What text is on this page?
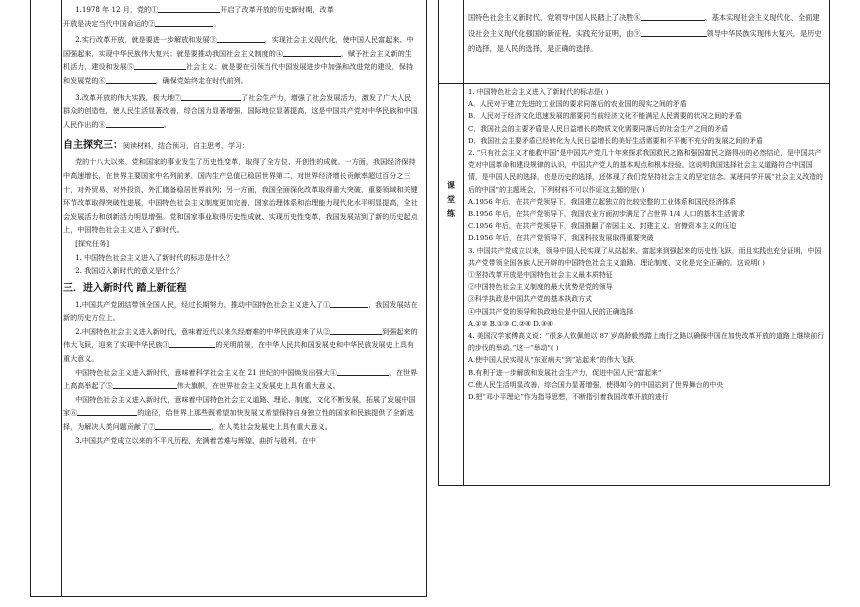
1.1978 年 12 月，党的①	开启了改革开放的历史新时期，改革
开放是决定当代中国命运的②	。

2.实行改革开放，就是要进一步解放和发展③	，实现社会主义现代化，使中国人民富起来、中国强起来，实现中华民族伟大复兴；就是要推动我国社会主义制度的④	，赋予社会主义新的生机活力，建设和发展⑤	社会主义；就是要在引领当代中国发展进步中加强和改进党的建设，保持和发展党的⑥	，确保党始终走在时代前列。

3.改革开放的伟大实践，极大地⑦	了社会生产力，增强了社会发展活力，激发了广大人民群众的创造性，使人民生活显著改善，综合国力显著增强，国际地位显著提高，这是中国共产党对中华民族和中国人民作出的⑧	。

自主探究三：阅读材料，结合预习，自主思考、学习：

党的十八大以来，党和国家的事业发生了历史性变革，取得了全方位、开创性的成就。一方面，我国经济保持中高速增长，在世界主要国家中名列前茅，国内生产总值已稳居世界第二，对世界经济增长贡献率超过百分之三十，对外贸易、对外投资、外汇储备稳居世界前列；另一方面，我国全面深化改革取得重大突破，重要领域和关键环节改革取得突破性进展，中国特色社会主义制度更加完善，国家治理体系和治理能力现代化水平明显提高，全社会发展活力和创新活力明显增强。党和国家事业取得历史性成就、实现历史性变革，我国发展站到了新的历史起点上，中国特色社会主义进入了新时代。

[探究任务]

1. 中国特色社会主义进入了新时代的标志是什么？

2. 我国迈入新时代的意义是什么？

三．进入新时代 踏上新征程

1.中国共产党团结带领全国人民，经过长期努力，推动中国特色社会主义进入了①	，我国发展站在新的历史方位上。

2.中国特色社会主义进入新时代，意味着近代以来久经磨难的中华民族迎来了从②	到强起来的伟大飞跃，迎来了实现中华民族③	的光明前景，在中华人民共和国发展史和中华民族发展史上具有重大意义。

中国特色社会主义进入新时代，意味着科学社会主义在 21 世纪的中国焕发出强大④	，在世界上高高举起了⑤	伟大旗帜，在世界社会主义发展史上具有重大意义。

中国特色社会主义进入新时代，意味着中国特色社会主义道路、理论、制度、文化不断发展，拓展了发展中国家⑥	的途径，给世界上那些既希望加快发展又希望保持自身独立性的国家和民族提供了全新选择，为解决人类问题贡献了⑦	，在人类社会发展史上具有重大意义。

3.中国共产党成立以来的不平凡历程，充满着苦难与辉煌、曲折与胜利。在中

课
堂
练

国特色社会主义新时代，党领导中国人民踏上了决胜⑧	、基本实现社会主义现代化、全面建设社会主义现代化强国的新征程。实践充分证明，由⑨	领导中华民族实现伟大复兴，是历史的选择，是人民的选择，是正确的选择。

1. 中国特色社会主义进入了新时代的标志是( )

A．人民对于建立先进的工业国的要求同落后的农业国的现实之间的矛盾

B．人民对于经济文化迅速发展的需要同当前经济文化不能满足人民需要的状况之间的矛盾

C．我国社会的主要矛盾是人民日益增长的物质文化需要同落后的社会生产之间的矛盾

D．我国社会主要矛盾已经转化为人民日益增长的美好生活需要和不平衡不充分的发展之间的矛盾

2. “只有社会主义才能救中国”是中国共产党几十年来探求我国救民之路和强国富民之路得出的必然结论，是中国共产党对中国革命和建设规律的认识，中国共产党人的基本观点和根本经验。这说明我国选择社会主义道路符合中国国情，是中国人民的选择，也是历史的选择，还体现了我们党坚持社会主义的坚定信念。某班同学开展“社会主义改造的后的中国”的主题班会，下列材料不可以作证这主题的是( )

A.1956 年后，在共产党领导下，我国建立起独立的比较完整的工业体系和国民经济体系

B.1956 年后，在共产党领导下，我国农业方面初步满足了占世界 1/4 人口的基本生活需求

C.1956 年后，在共产党领导下，我国推翻了帝国主义、封建主义、官僚资本主义的压迫

D.1956 年后，在共产党领导下，我国科技发展取得重要突破

3. 中国共产党成立以来，领导中国人民实现了从站起来、富起来到强起来的历史性飞跃，而且实践也充分证明，中国共产党带领全国各族人民开辟的中国特色社会主义道路、理论制度、文化是完全正确的。这说明( )

①坚持改革开放是中国特色社会主义最本质特征

②中国特色社会主义制度的最大优势是党的领导

③科学执政是中国共产党的基本执政方式

④中国共产党的领导和执政地位是中国人民的正确选择

A.①② B.①③ C.②④ D.③④

4. 美国汉学家傅高义说：“很多人钦佩他以 87 岁高龄毅然踏上南行之路以确保中国在加快改革开放的道路上继续前行的步伐的举动。”这一“举动”( )

A.使中国人民实现从“东亚病夫”到“站起来”的伟大飞跃

B.有利于进一步解放和发展社会生产力，促进中国人民“富起来”

C.使人民生活明显改善，综合国力显著增强，使得如今的中国站到了世界舞台的中央

D.把“邓小平理论”作为指导思想，不断指引着我国改革开放的进行
